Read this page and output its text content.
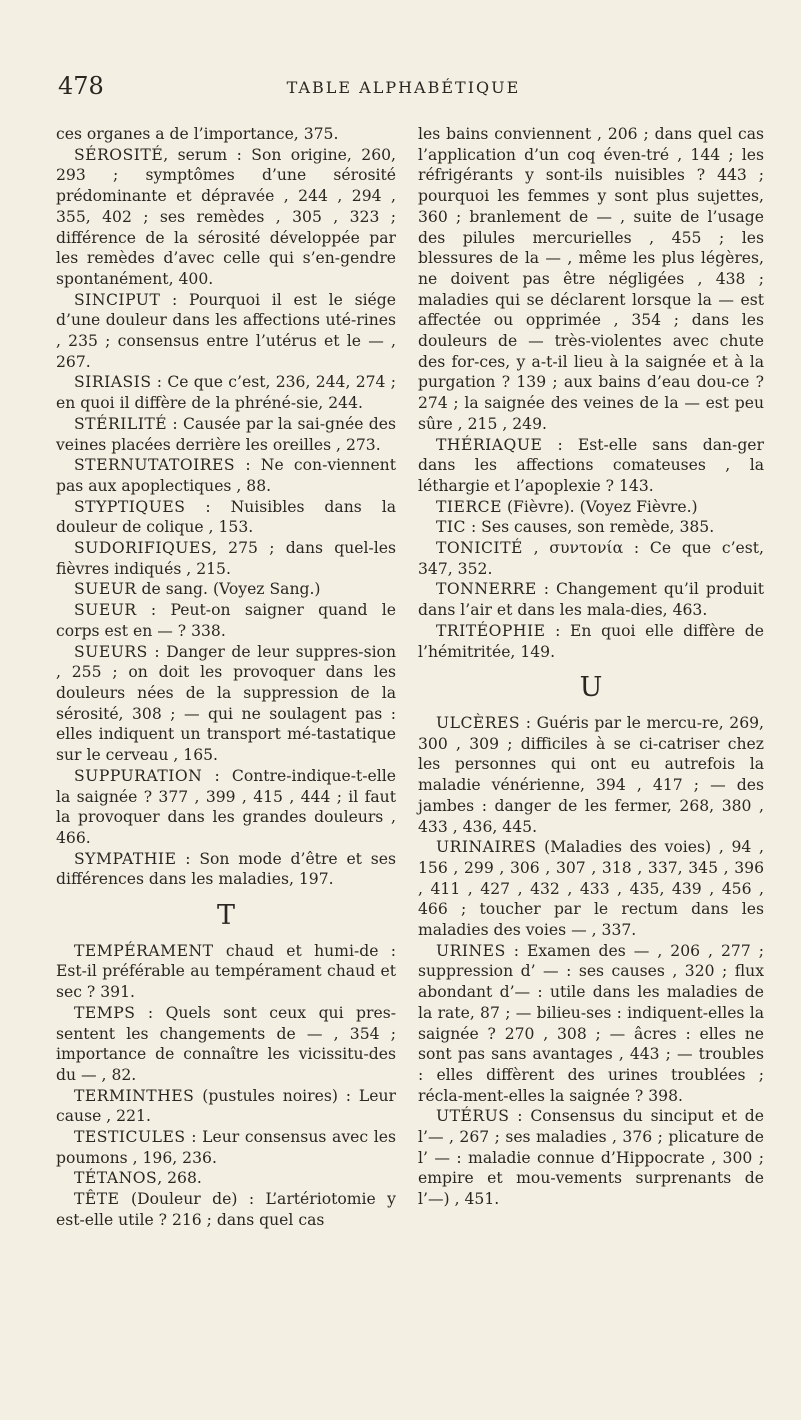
478	TABLE ALPHABÉTIQUE

ces organes a de l’importance, 375.

SÉROSITÉ, serum : Son origine, 260, 293 ; symptômes d’une sérosité prédominante et dépravée , 244 , 294 , 355, 402 ; ses remèdes , 305 , 323 ; différence de la sérosité développée par les remèdes d’avec celle qui s’en-gendre spontanément, 400.

SINCIPUT : Pourquoi il est le siége d’une douleur dans les affections uté-rines , 235 ; consensus entre l’utérus et le — , 267.

SIRIASIS : Ce que c’est, 236, 244, 274 ; en quoi il diffère de la phréné-sie, 244.

STÉRILITÉ : Causée par la sai-gnée des veines placées derrière les oreilles , 273.

STERNUTATOIRES : Ne con-viennent pas aux apoplectiques , 88.

STYPTIQUES : Nuisibles dans la douleur de colique , 153.

SUDORIFIQUES, 275 ; dans quel-les fièvres indiqués , 215.

SUEUR de sang. (Voyez Sang.)

SUEUR : Peut-on saigner quand le corps est en — ? 338.

SUEURS : Danger de leur suppres-sion , 255 ; on doit les provoquer dans les douleurs nées de la suppression de la sérosité, 308 ; — qui ne soulagent pas : elles indiquent un transport mé-tastatique sur le cerveau , 165.

SUPPURATION : Contre-indique-t-elle la saignée ? 377 , 399 , 415 , 444 ; il faut la provoquer dans les grandes douleurs , 466.

SYMPATHIE : Son mode d’être et ses différences dans les maladies, 197.

T

TEMPÉRAMENT chaud et humi-de : Est-il préférable au tempérament chaud et sec ? 391.

TEMPS : Quels sont ceux qui pres-sentent les changements de — , 354 ; importance de connaître les vicissitu-des du — , 82.

TERMINTHES (pustules noires) : Leur cause , 221.

TESTICULES : Leur consensus avec les poumons , 196, 236.

TÉTANOS, 268.

TÊTE (Douleur de) : L’artériotomie y est-elle utile ? 216 ; dans quel cas

les bains conviennent , 206 ; dans quel cas l’application d’un coq éven-tré , 144 ; les réfrigérants y sont-ils nuisibles ? 443 ; pourquoi les femmes y sont plus sujettes, 360 ; branlement de — , suite de l’usage des pilules mercurielles , 455 ; les blessures de la — , même les plus légères, ne doivent pas être négligées , 438 ; maladies qui se déclarent lorsque la — est affectée ou opprimée , 354 ; dans les douleurs de — très-violentes avec chute des for-ces, y a-t-il lieu à la saignée et à la purgation ? 139 ; aux bains d’eau dou-ce ? 274 ; la saignée des veines de la — est peu sûre , 215 , 249.

THÉRIAQUE : Est-elle sans dan-ger dans les affections comateuses , la léthargie et l’apoplexie ? 143.

TIERCE (Fièvre). (Voyez Fièvre.)

TIC : Ses causes, son remède, 385.

TONICITÉ , συντονία : Ce que c’est, 347, 352.

TONNERRE : Changement qu’il produit dans l’air et dans les mala-dies, 463.

TRITÉOPHIE : En quoi elle diffère de l’hémitritée, 149.

U

ULCÈRES : Guéris par le mercu-re, 269, 300 , 309 ; difficiles à se ci-catriser chez les personnes qui ont eu autrefois la maladie vénérienne, 394 , 417 ; — des jambes : danger de les fermer, 268, 380 , 433 , 436, 445.

URINAIRES (Maladies des voies) , 94 , 156 , 299 , 306 , 307 , 318 , 337, 345 , 396 , 411 , 427 , 432 , 433 , 435, 439 , 456 , 466 ; toucher par le rectum dans les maladies des voies — , 337.

URINES : Examen des — , 206 , 277 ; suppression d’ — : ses causes , 320 ; flux abondant d’— : utile dans les maladies de la rate, 87 ; — bilieu-ses : indiquent-elles la saignée ? 270 , 308 ; — âcres : elles ne sont pas sans avantages , 443 ; — troubles : elles diffèrent des urines troublées ; récla-ment-elles la saignée ? 398.

UTÉRUS : Consensus du sinciput et de l’— , 267 ; ses maladies , 376 ; plicature de l’ — : maladie connue d’Hippocrate , 300 ; empire et mou-vements surprenants de l’—) , 451.
